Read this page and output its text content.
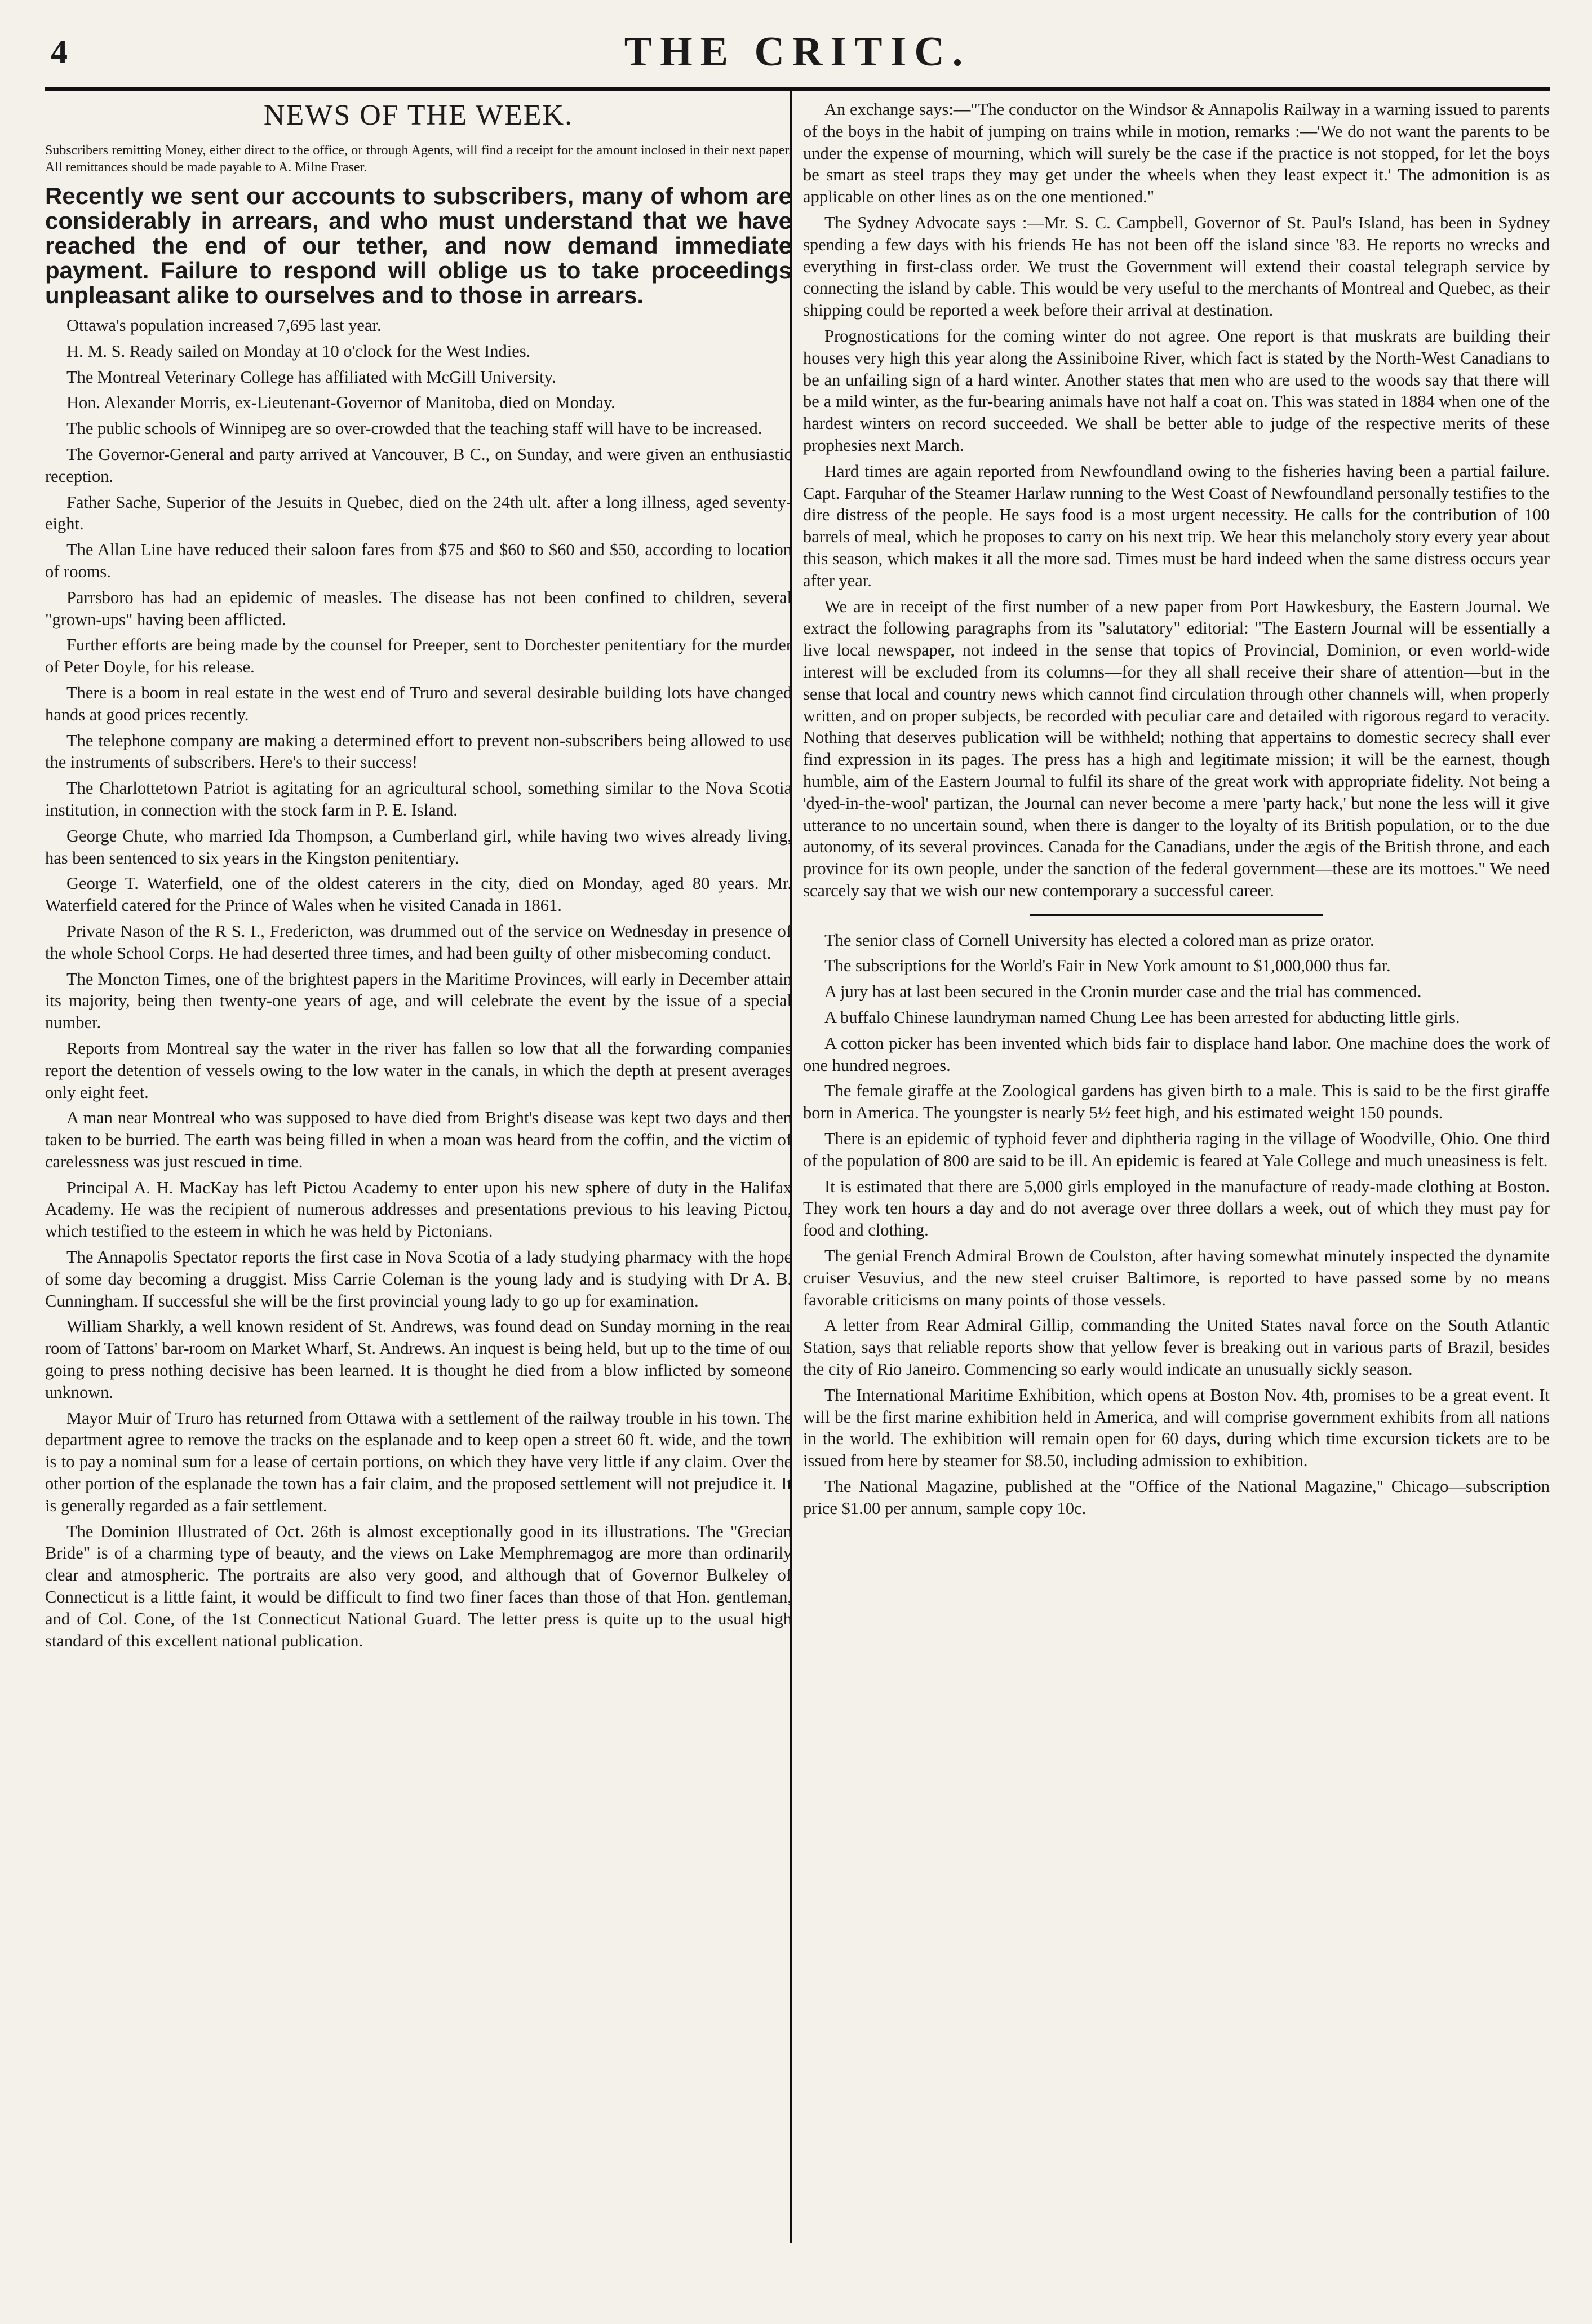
4	THE CRITIC.
NEWS OF THE WEEK.
Subscribers remitting Money, either direct to the office, or through Agents, will find a receipt for the amount inclosed in their next paper. All remittances should be made payable to A. Milne Fraser.
Recently we sent our accounts to subscribers, many of whom are considerably in arrears, and who must understand that we have reached the end of our tether, and now demand immediate payment. Failure to respond will oblige us to take proceedings unpleasant alike to ourselves and to those in arrears.

Ottawa's population increased 7,695 last year.

H. M. S. Ready sailed on Monday at 10 o'clock for the West Indies.

The Montreal Veterinary College has affiliated with McGill University.

Hon. Alexander Morris, ex-Lieutenant-Governor of Manitoba, died on Monday.

The public schools of Winnipeg are so over-crowded that the teaching staff will have to be increased.

The Governor-General and party arrived at Vancouver, B C., on Sunday, and were given an enthusiastic reception.

Father Sache, Superior of the Jesuits in Quebec, died on the 24th ult. after a long illness, aged seventy-eight.

The Allan Line have reduced their saloon fares from $75 and $60 to $60 and $50, according to location of rooms.

Parrsboro has had an epidemic of measles. The disease has not been confined to children, several "grown-ups" having been afflicted.

Further efforts are being made by the counsel for Preeper, sent to Dorchester penitentiary for the murder of Peter Doyle, for his release.

There is a boom in real estate in the west end of Truro and several desirable building lots have changed hands at good prices recently.

The telephone company are making a determined effort to prevent non-subscribers being allowed to use the instruments of subscribers. Here's to their success!

The Charlottetown Patriot is agitating for an agricultural school, something similar to the Nova Scotia institution, in connection with the stock farm in P. E. Island.

George Chute, who married Ida Thompson, a Cumberland girl, while having two wives already living, has been sentenced to six years in the Kingston penitentiary.

George T. Waterfield, one of the oldest caterers in the city, died on Monday, aged 80 years. Mr. Waterfield catered for the Prince of Wales when he visited Canada in 1861.

Private Nason of the R S. I., Fredericton, was drummed out of the service on Wednesday in presence of the whole School Corps. He had deserted three times, and had been guilty of other misbecoming conduct.

The Moncton Times, one of the brightest papers in the Maritime Provinces, will early in December attain its majority, being then twenty-one years of age, and will celebrate the event by the issue of a special number.

Reports from Montreal say the water in the river has fallen so low that all the forwarding companies report the detention of vessels owing to the low water in the canals, in which the depth at present averages only eight feet.

A man near Montreal who was supposed to have died from Bright's disease was kept two days and then taken to be burried. The earth was being filled in when a moan was heard from the coffin, and the victim of carelessness was just rescued in time.

Principal A. H. MacKay has left Pictou Academy to enter upon his new sphere of duty in the Halifax Academy. He was the recipient of numerous addresses and presentations previous to his leaving Pictou, which testified to the esteem in which he was held by Pictonians.

The Annapolis Spectator reports the first case in Nova Scotia of a lady studying pharmacy with the hope of some day becoming a druggist. Miss Carrie Coleman is the young lady and is studying with Dr A. B. Cunningham. If successful she will be the first provincial young lady to go up for examination.

William Sharkly, a well known resident of St. Andrews, was found dead on Sunday morning in the rear room of Tattons' bar-room on Market Wharf, St. Andrews. An inquest is being held, but up to the time of our going to press nothing decisive has been learned. It is thought he died from a blow inflicted by someone unknown.

Mayor Muir of Truro has returned from Ottawa with a settlement of the railway trouble in his town. The department agree to remove the tracks on the esplanade and to keep open a street 60 ft. wide, and the town is to pay a nominal sum for a lease of certain portions, on which they have very little if any claim. Over the other portion of the esplanade the town has a fair claim, and the proposed settlement will not prejudice it. It is generally regarded as a fair settlement.

The Dominion Illustrated of Oct. 26th is almost exceptionally good in its illustrations. The "Grecian Bride" is of a charming type of beauty, and the views on Lake Memphremagog are more than ordinarily clear and atmospheric. The portraits are also very good, and although that of Governor Bulkeley of Connecticut is a little faint, it would be difficult to find two finer faces than those of that Hon. gentleman, and of Col. Cone, of the 1st Connecticut National Guard. The letter press is quite up to the usual high standard of this excellent national publication.

An exchange says:—"The conductor on the Windsor & Annapolis Railway in a warning issued to parents of the boys in the habit of jumping on trains while in motion, remarks :—'We do not want the parents to be under the expense of mourning, which will surely be the case if the practice is not stopped, for let the boys be smart as steel traps they may get under the wheels when they least expect it.' The admonition is as applicable on other lines as on the one mentioned."

The Sydney Advocate says :—Mr. S. C. Campbell, Governor of St. Paul's Island, has been in Sydney spending a few days with his friends He has not been off the island since '83. He reports no wrecks and everything in first-class order. We trust the Government will extend their coastal telegraph service by connecting the island by cable. This would be very useful to the merchants of Montreal and Quebec, as their shipping could be reported a week before their arrival at destination.

Prognostications for the coming winter do not agree. One report is that muskrats are building their houses very high this year along the Assiniboine River, which fact is stated by the North-West Canadians to be an unfailing sign of a hard winter. Another states that men who are used to the woods say that there will be a mild winter, as the fur-bearing animals have not half a coat on. This was stated in 1884 when one of the hardest winters on record succeeded. We shall be better able to judge of the respective merits of these prophesies next March.

Hard times are again reported from Newfoundland owing to the fisheries having been a partial failure. Capt. Farquhar of the Steamer Harlaw running to the West Coast of Newfoundland personally testifies to the dire distress of the people. He says food is a most urgent necessity. He calls for the contribution of 100 barrels of meal, which he proposes to carry on his next trip. We hear this melancholy story every year about this season, which makes it all the more sad. Times must be hard indeed when the same distress occurs year after year.

We are in receipt of the first number of a new paper from Port Hawkesbury, the Eastern Journal. We extract the following paragraphs from its "salutatory" editorial: "The Eastern Journal will be essentially a live local newspaper, not indeed in the sense that topics of Provincial, Dominion, or even world-wide interest will be excluded from its columns—for they all shall receive their share of attention—but in the sense that local and country news which cannot find circulation through other channels will, when properly written, and on proper subjects, be recorded with peculiar care and detailed with rigorous regard to veracity. Nothing that deserves publication will be withheld; nothing that appertains to domestic secrecy shall ever find expression in its pages. The press has a high and legitimate mission; it will be the earnest, though humble, aim of the Eastern Journal to fulfil its share of the great work with appropriate fidelity. Not being a 'dyed-in-the-wool' partizan, the Journal can never become a mere 'party hack,' but none the less will it give utterance to no uncertain sound, when there is danger to the loyalty of its British population, or to the due autonomy, of its several provinces. Canada for the Canadians, under the ægis of the British throne, and each province for its own people, under the sanction of the federal government—these are its mottoes." We need scarcely say that we wish our new contemporary a successful career.

The senior class of Cornell University has elected a colored man as prize orator.

The subscriptions for the World's Fair in New York amount to $1,000,000 thus far.

A jury has at last been secured in the Cronin murder case and the trial has commenced.

A buffalo Chinese laundryman named Chung Lee has been arrested for abducting little girls.

A cotton picker has been invented which bids fair to displace hand labor. One machine does the work of one hundred negroes.

The female giraffe at the Zoological gardens has given birth to a male. This is said to be the first giraffe born in America. The youngster is nearly 5½ feet high, and his estimated weight 150 pounds.

There is an epidemic of typhoid fever and diphtheria raging in the village of Woodville, Ohio. One third of the population of 800 are said to be ill. An epidemic is feared at Yale College and much uneasiness is felt.

It is estimated that there are 5,000 girls employed in the manufacture of ready-made clothing at Boston. They work ten hours a day and do not average over three dollars a week, out of which they must pay for food and clothing.

The genial French Admiral Brown de Coulston, after having somewhat minutely inspected the dynamite cruiser Vesuvius, and the new steel cruiser Baltimore, is reported to have passed some by no means favorable criticisms on many points of those vessels.

A letter from Rear Admiral Gillip, commanding the United States naval force on the South Atlantic Station, says that reliable reports show that yellow fever is breaking out in various parts of Brazil, besides the city of Rio Janeiro. Commencing so early would indicate an unusually sickly season.

The International Maritime Exhibition, which opens at Boston Nov. 4th, promises to be a great event. It will be the first marine exhibition held in America, and will comprise government exhibits from all nations in the world. The exhibition will remain open for 60 days, during which time excursion tickets are to be issued from here by steamer for $8.50, including admission to exhibition.

The National Magazine, published at the "Office of the National Magazine," Chicago—subscription price $1.00 per annum, sample copy 10c.
